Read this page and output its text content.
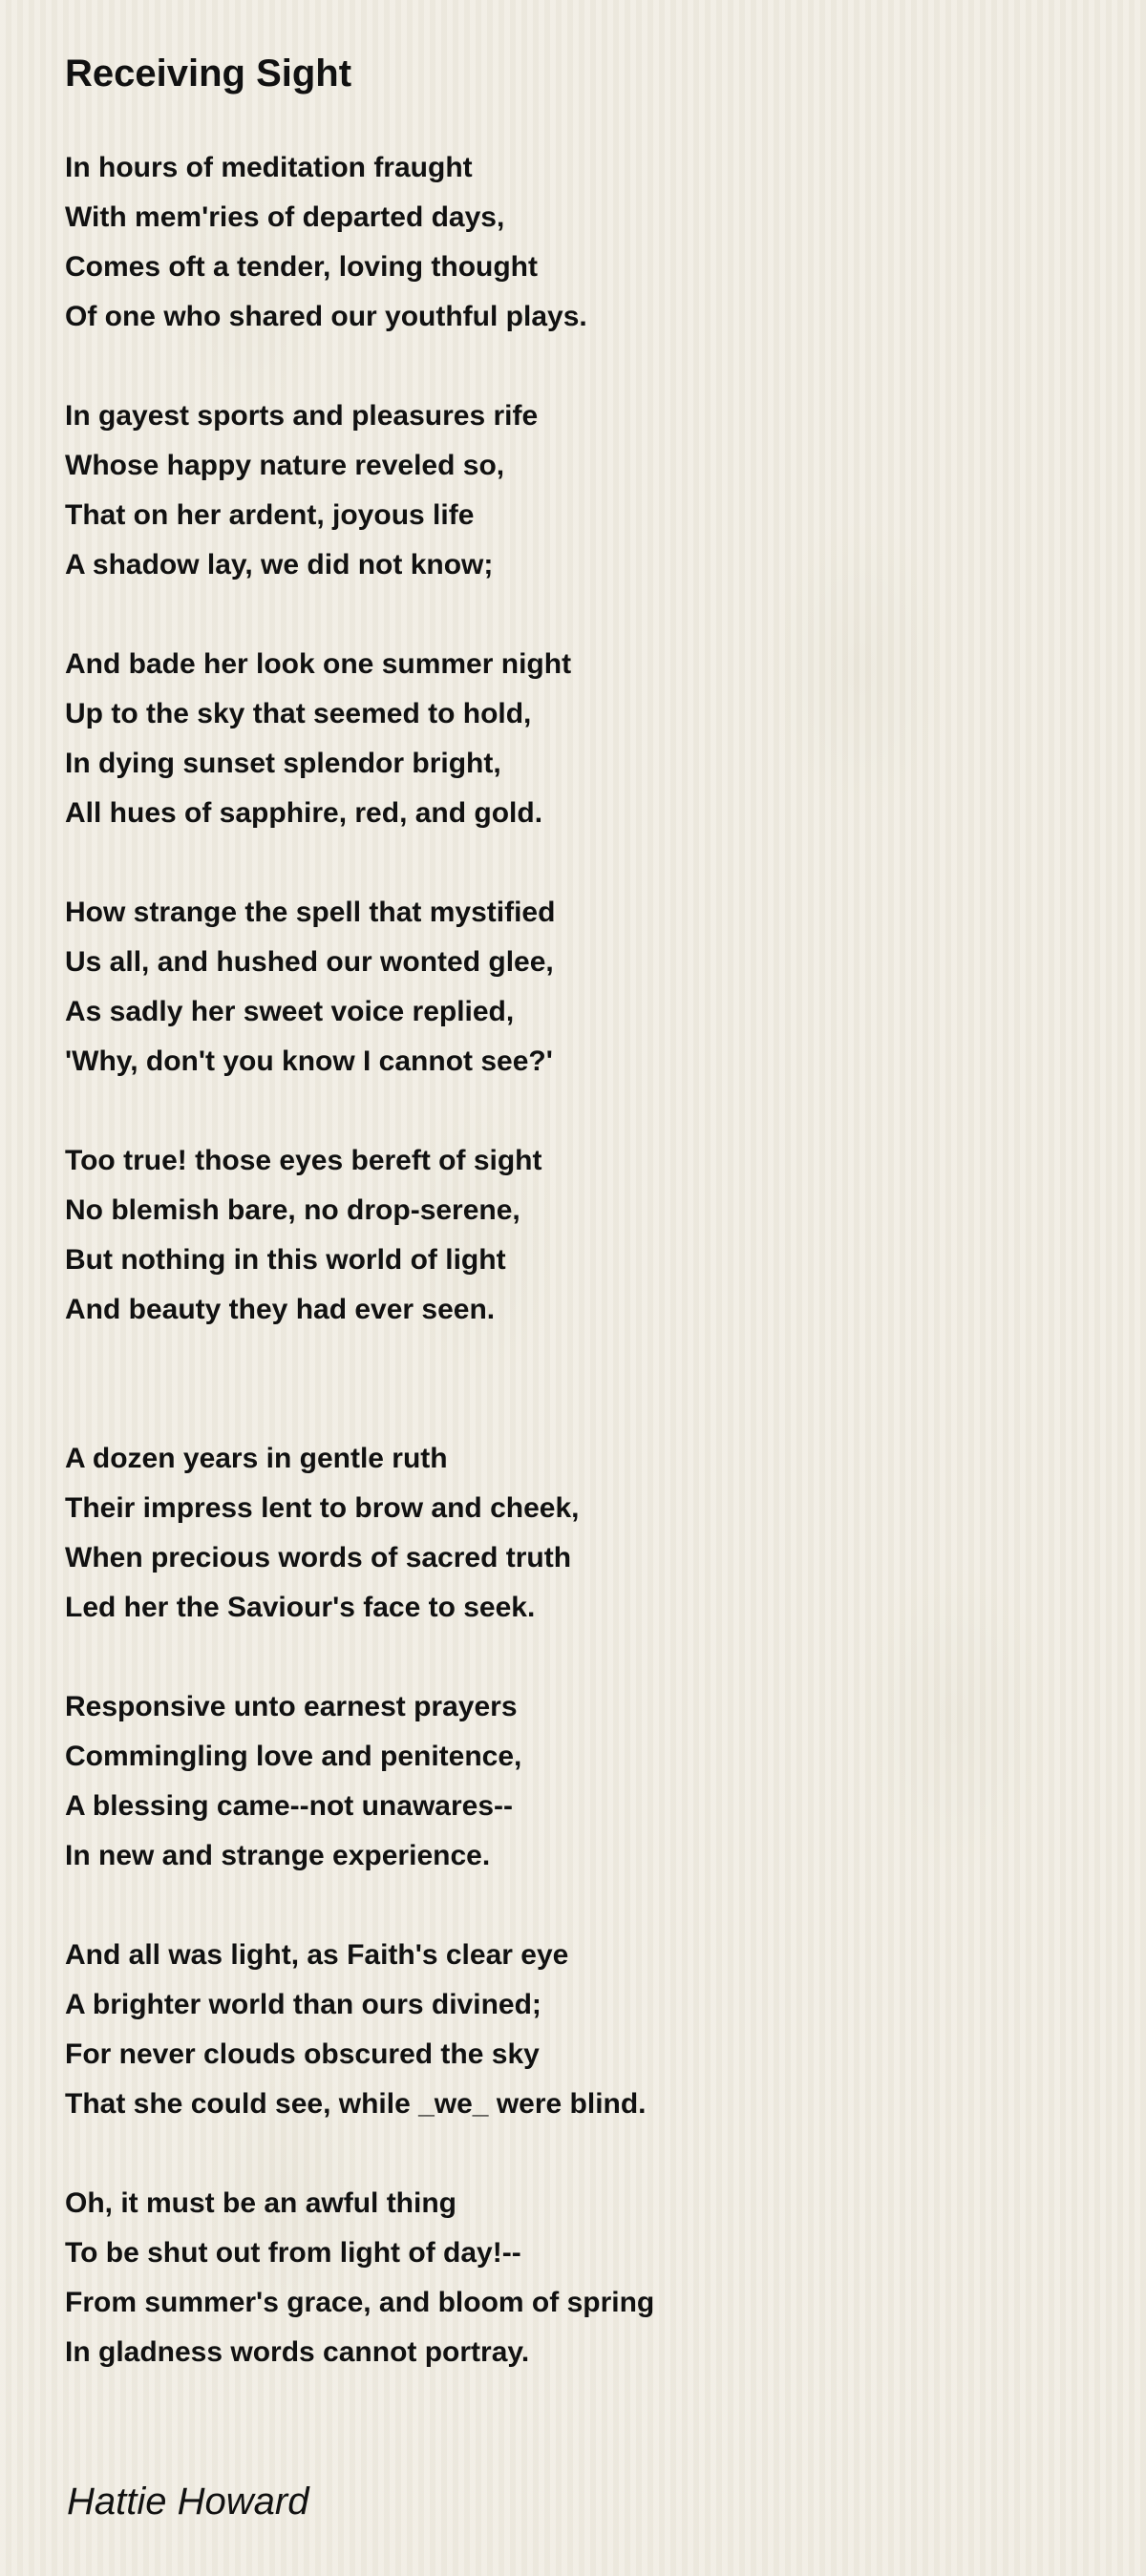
Receiving Sight
In hours of meditation fraught
With mem'ries of departed days,
Comes oft a tender, loving thought
Of one who shared our youthful plays.
In gayest sports and pleasures rife
Whose happy nature reveled so,
That on her ardent, joyous life
A shadow lay, we did not know;
And bade her look one summer night
Up to the sky that seemed to hold,
In dying sunset splendor bright,
All hues of sapphire, red, and gold.
How strange the spell that mystified
Us all, and hushed our wonted glee,
As sadly her sweet voice replied,
'Why, don't you know I cannot see?'
Too true! those eyes bereft of sight
No blemish bare, no drop-serene,
But nothing in this world of light
And beauty they had ever seen.
A dozen years in gentle ruth
Their impress lent to brow and cheek,
When precious words of sacred truth
Led her the Saviour's face to seek.
Responsive unto earnest prayers
Commingling love and penitence,
A blessing came--not unawares--
In new and strange experience.
And all was light, as Faith's clear eye
A brighter world than ours divined;
For never clouds obscured the sky
That she could see, while _we_ were blind.
Oh, it must be an awful thing
To be shut out from light of day!--
From summer's grace, and bloom of spring
In gladness words cannot portray.

Hattie Howard
